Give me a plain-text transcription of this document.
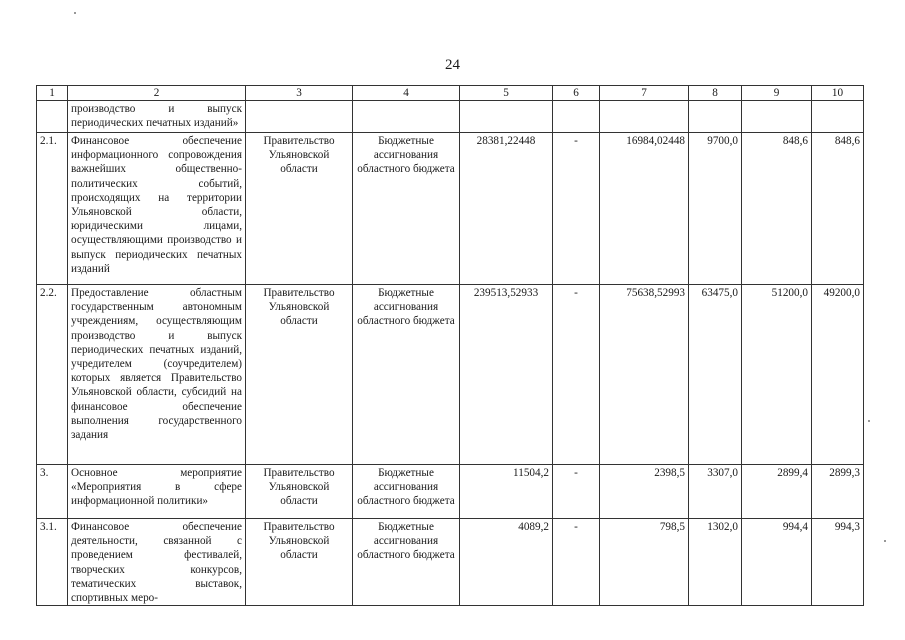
24
1	2	3	4	5	6	7	8	9	10
	производство и выпуск периодических печатных изданий»								
2.1.	Финансовое обеспечение информационного сопровождения важнейших общественно-политических событий, происходящих на территории Ульяновской области, юридическими лицами, осуществляющими производство и выпуск периодических печатных изданий	Правительство Ульяновской области	Бюджетные ассигнования областного бюджета	28381,22448	-	16984,02448	9700,0	848,6	848,6
2.2.	Предоставление областным государственным автономным учреждениям, осуществляющим производство и выпуск периодических печатных изданий, учредителем (соучредителем) которых является Правительство Ульяновской области, субсидий на финансовое обеспечение выполнения государственного задания	Правительство Ульяновской области	Бюджетные ассигнования областного бюджета	239513,52933	-	75638,52993	63475,0	51200,0	49200,0
3.	Основное мероприятие «Мероприятия в сфере информационной политики»	Правительство Ульяновской области	Бюджетные ассигнования областного бюджета	11504,2	-	2398,5	3307,0	2899,4	2899,3
3.1.	Финансовое обеспечение деятельности, связанной с проведением фестивалей, творческих конкурсов, тематических выставок, спортивных меро-	Правительство Ульяновской области	Бюджетные ассигнования областного бюджета	4089,2	-	798,5	1302,0	994,4	994,3
